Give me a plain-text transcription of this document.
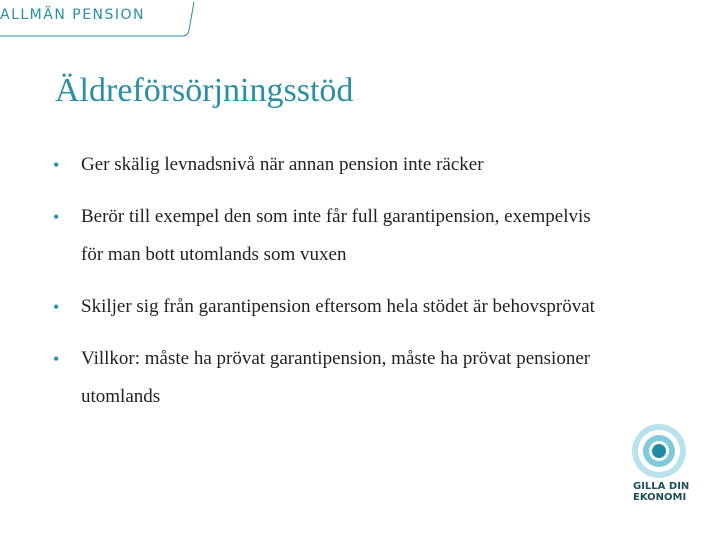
ALLMÄN PENSION
Äldreförsörjningsstöd
• Ger skälig levnadsnivå när annan pension inte räcker
• Berör till exempel den som inte får full garantipension, exempelvis för man bott utomlands som vuxen
• Skiljer sig från garantipension eftersom hela stödet är behovsprövat
• Villkor: måste ha prövat garantipension, måste ha prövat pensioner utomlands
GILLA DIN
EKONOMI
